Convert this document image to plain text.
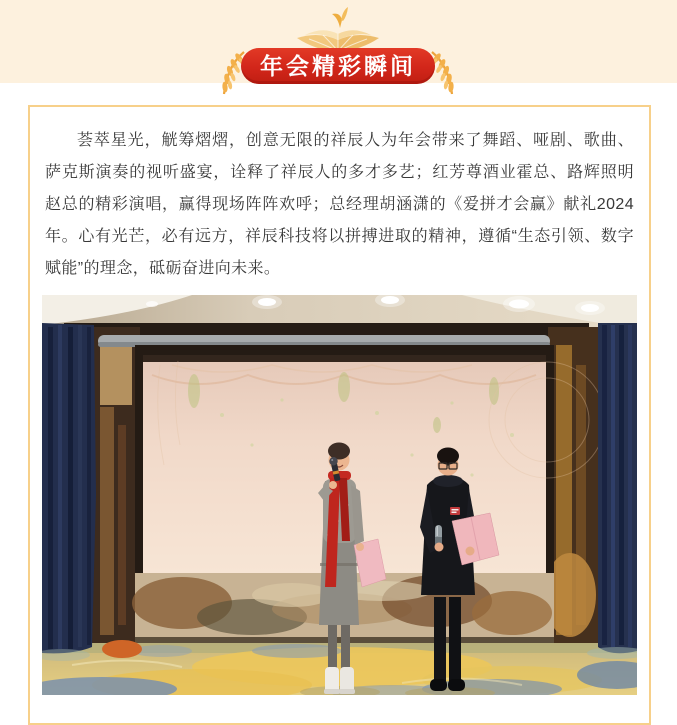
年会精彩瞬间

荟萃星光，觥筹熠熠，创意无限的祥辰人为年会带来了舞蹈、哑剧、歌曲、萨克斯演奏的视听盛宴，诠释了祥辰人的多才多艺；红芳尊酒业霍总、路辉照明赵总的精彩演唱，赢得现场阵阵欢呼；总经理胡涵潇的《爱拼才会赢》献礼2024年。心有光芒，必有远方，祥辰科技将以拼搏进取的精神，遵循“生态引领、数字赋能”的理念，砥砺奋进向未来。
